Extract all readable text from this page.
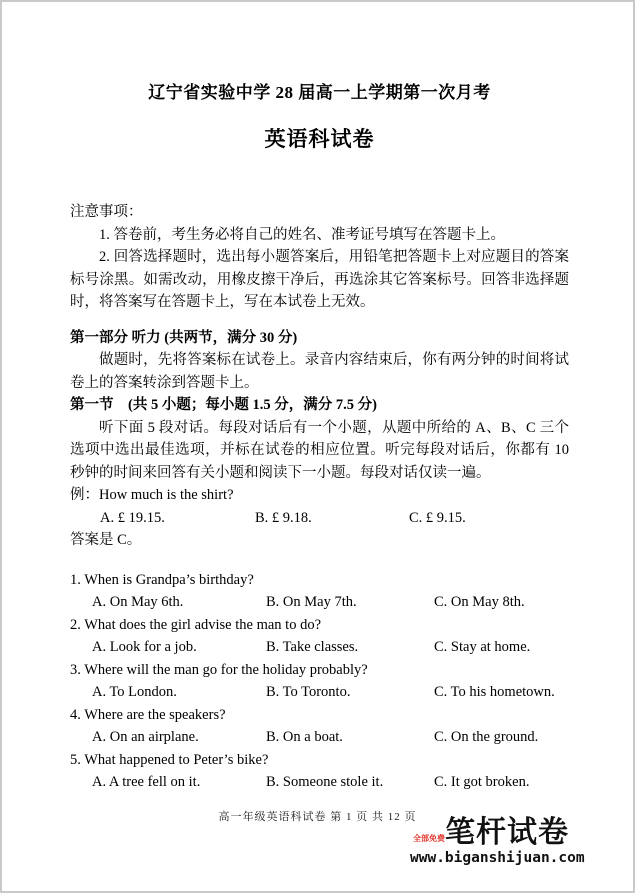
辽宁省实验中学 28 届高一上学期第一次月考
英语科试卷

注意事项：

1. 答卷前，考生务必将自己的姓名、准考证号填写在答题卡上。

2. 回答选择题时，选出每小题答案后，用铅笔把答题卡上对应题目的答案标号涂黑。如需改动，用橡皮擦干净后，再选涂其它答案标号。回答非选择题时，将答案写在答题卡上，写在本试卷上无效。

第一部分 听力 (共两节，满分 30 分)

做题时，先将答案标在试卷上。录音内容结束后，你有两分钟的时间将试卷上的答案转涂到答题卡上。

第一节　(共 5 小题；每小题 1.5 分，满分 7.5 分)

听下面 5 段对话。每段对话后有一个小题，从题中所给的 A、B、C 三个选项中选出最佳选项，并标在试卷的相应位置。听完每段对话后，你都有 10 秒钟的时间来回答有关小题和阅读下一小题。每段对话仅读一遍。

例：How much is the shirt?

A. £ 19.15.	B. £ 9.18.	C. £ 9.15.

答案是 C。

1. When is Grandpa’s birthday?

A. On May 6th.	B. On May 7th.	C. On May 8th.

2. What does the girl advise the man to do?

A. Look for a job.	B. Take classes.	C. Stay at home.

3. Where will the man go for the holiday probably?

A. To London.	B. To Toronto.	C. To his hometown.

4. Where are the speakers?

A. On an airplane.	B. On a boat.	C. On the ground.

5. What happened to Peter’s bike?

A. A tree fell on it.	B. Someone stole it.	C. It got broken.
高一年级英语科试卷 第 1 页 共 12 页
全部免费 笔杆试卷
www.biganshijuan.com
